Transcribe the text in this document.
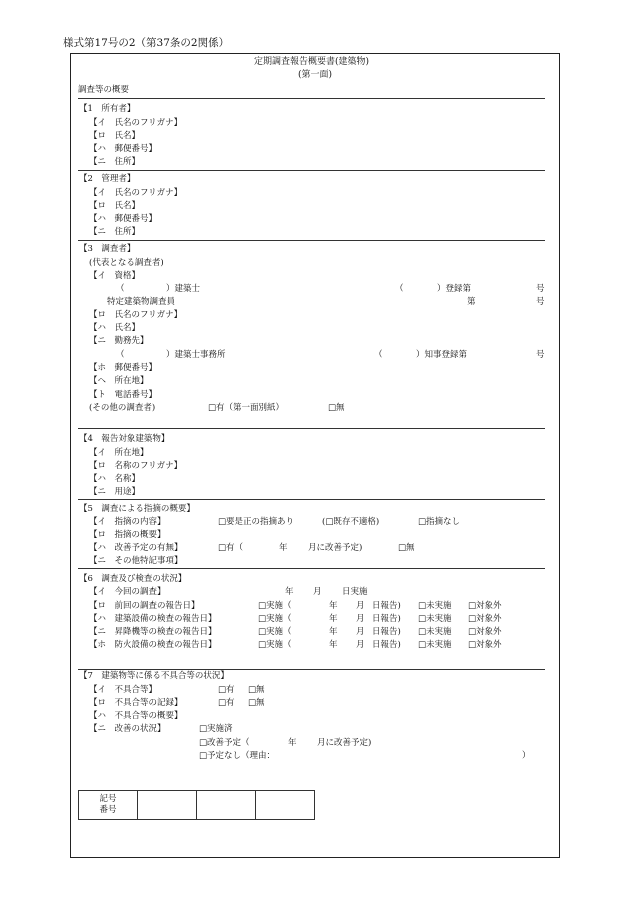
様式第17号の2（第37条の2関係）
定期調査報告概要書(建築物)
(第一面)
調査等の概要
【1　所有者】
【イ　氏名のフリガナ】
【ロ　氏名】
【ハ　郵便番号】
【ニ　住所】
【2　管理者】
【イ　氏名のフリガナ】
【ロ　氏名】
【ハ　郵便番号】
【ニ　住所】
【3　調査者】
(代表となる調査者)
【イ　資格】
（	）建築士	（	）登録第	号
特定建築物調査員	第	号
【ロ　氏名のフリガナ】
【ハ　氏名】
【ニ　勤務先】
（	）建築士事務所	（	）知事登録第	号
【ホ　郵便番号】
【ヘ　所在地】
【ト　電話番号】
(その他の調査者)	□有（第一面別紙）	□無
【4　報告対象建築物】
【イ　所在地】
【ロ　名称のフリガナ】
【ハ　名称】
【ニ　用途】
【5　調査による指摘の概要】
【イ　指摘の内容】	□要是正の指摘あり	(□既存不適格)	□指摘なし
【ロ　指摘の概要】
【ハ　改善予定の有無】	□有（	年 月に改善予定)	□無
【ニ　その他特記事項】
【6　調査及び検査の状況】
【イ　今回の調査】	年 月 日実施
【ロ　前回の調査の報告日】	□実施（	年 月 日報告) □未実施 □対象外
【ハ　建築設備の検査の報告日】	□実施（	年 月 日報告) □未実施 □対象外
【ニ　昇降機等の検査の報告日】	□実施（	年 月 日報告) □未実施 □対象外
【ホ　防火設備の検査の報告日】	□実施（	年 月 日報告) □未実施 □対象外
【7　建築物等に係る不具合等の状況】
【イ　不具合等】	□有 □無
【ロ　不具合等の記録】	□有 □無
【ハ　不具合等の概要】
【ニ　改善の状況】	□実施済
□改善予定（	年 月に改善予定)
□予定なし（理由：	）
記号
番号			
